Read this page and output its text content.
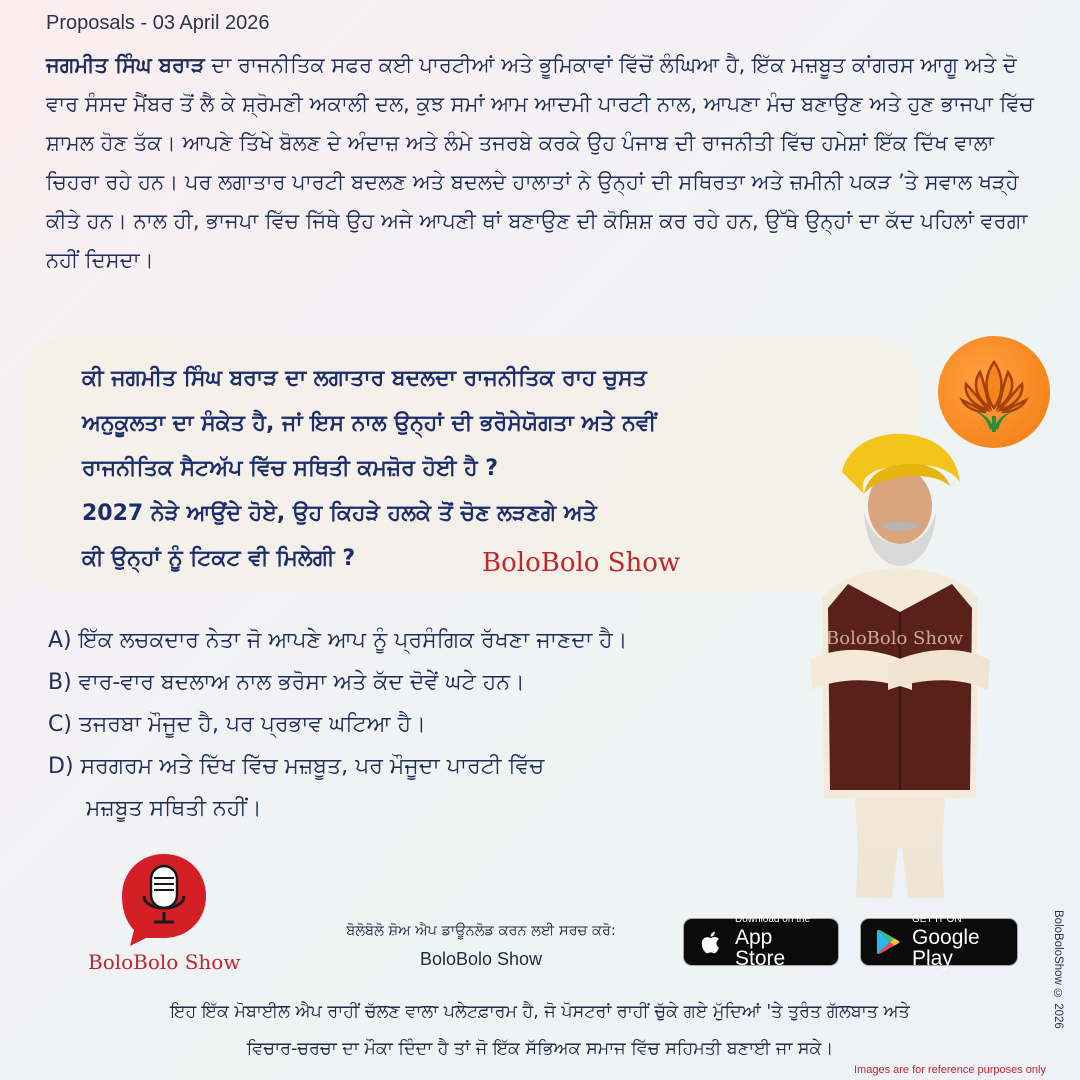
Proposals - 03 April 2026

ਜਗਮੀਤ ਸਿੰਘ ਬਰਾੜ ਦਾ ਰਾਜਨੀਤਿਕ ਸਫਰ ਕਈ ਪਾਰਟੀਆਂ ਅਤੇ ਭੂਮਿਕਾਵਾਂ ਵਿੱਚੋਂ ਲੰਘਿਆ ਹੈ, ਇੱਕ ਮਜ਼ਬੂਤ ਕਾਂਗਰਸ ਆਗੂ ਅਤੇ ਦੋ ਵਾਰ ਸੰਸਦ ਮੈਂਬਰ ਤੋਂ ਲੈ ਕੇ ਸ਼੍ਰੋਮਣੀ ਅਕਾਲੀ ਦਲ, ਕੁਝ ਸਮਾਂ ਆਮ ਆਦਮੀ ਪਾਰਟੀ ਨਾਲ, ਆਪਣਾ ਮੰਚ ਬਣਾਉਣ ਅਤੇ ਹੁਣ ਭਾਜਪਾ ਵਿੱਚ ਸ਼ਾਮਲ ਹੋਣ ਤੱਕ। ਆਪਣੇ ਤਿੱਖੇ ਬੋਲਣ ਦੇ ਅੰਦਾਜ਼ ਅਤੇ ਲੰਮੇ ਤਜਰਬੇ ਕਰਕੇ ਉਹ ਪੰਜਾਬ ਦੀ ਰਾਜਨੀਤੀ ਵਿੱਚ ਹਮੇਸ਼ਾਂ ਇੱਕ ਦਿੱਖ ਵਾਲਾ ਚਿਹਰਾ ਰਹੇ ਹਨ। ਪਰ ਲਗਾਤਾਰ ਪਾਰਟੀ ਬਦਲਣ ਅਤੇ ਬਦਲਦੇ ਹਾਲਾਤਾਂ ਨੇ ਉਨ੍ਹਾਂ ਦੀ ਸਥਿਰਤਾ ਅਤੇ ਜ਼ਮੀਨੀ ਪਕੜ ’ਤੇ ਸਵਾਲ ਖੜ੍ਹੇ ਕੀਤੇ ਹਨ। ਨਾਲ ਹੀ, ਭਾਜਪਾ ਵਿੱਚ ਜਿੱਥੇ ਉਹ ਅਜੇ ਆਪਣੀ ਥਾਂ ਬਣਾਉਣ ਦੀ ਕੋਸ਼ਿਸ਼ ਕਰ ਰਹੇ ਹਨ, ਉੱਥੇ ਉਨ੍ਹਾਂ ਦਾ ਕੱਦ ਪਹਿਲਾਂ ਵਰਗਾ ਨਹੀਂ ਦਿਸਦਾ।

ਕੀ ਜਗਮੀਤ ਸਿੰਘ ਬਰਾੜ ਦਾ ਲਗਾਤਾਰ ਬਦਲਦਾ ਰਾਜਨੀਤਿਕ ਰਾਹ ਚੁਸਤ
ਅਨੁਕੂਲਤਾ ਦਾ ਸੰਕੇਤ ਹੈ, ਜਾਂ ਇਸ ਨਾਲ ਉਨ੍ਹਾਂ ਦੀ ਭਰੋਸੇਯੋਗਤਾ ਅਤੇ ਨਵੀਂ
ਰਾਜਨੀਤਿਕ ਸੈਟਅੱਪ ਵਿੱਚ ਸਥਿਤੀ ਕਮਜ਼ੋਰ ਹੋਈ ਹੈ ?
2027 ਨੇੜੇ ਆਉਂਦੇ ਹੋਏ, ਉਹ ਕਿਹੜੇ ਹਲਕੇ ਤੋਂ ਚੋਣ ਲੜਣਗੇ ਅਤੇ
ਕੀ ਉਨ੍ਹਾਂ ਨੂੰ ਟਿਕਟ ਵੀ ਮਿਲੇਗੀ ?	BoloBolo Show
A) ਇੱਕ ਲਚਕਦਾਰ ਨੇਤਾ ਜੋ ਆਪਣੇ ਆਪ ਨੂੰ ਪ੍ਰਸੰਗਿਕ ਰੱਖਣਾ ਜਾਣਦਾ ਹੈ।
B) ਵਾਰ-ਵਾਰ ਬਦਲਾਅ ਨਾਲ ਭਰੋਸਾ ਅਤੇ ਕੱਦ ਦੋਵੇਂ ਘਟੇ ਹਨ।
C) ਤਜਰਬਾ ਮੌਜੂਦ ਹੈ, ਪਰ ਪ੍ਰਭਾਵ ਘਟਿਆ ਹੈ।
D) ਸਰਗਰਮ ਅਤੇ ਦਿੱਖ ਵਿੱਚ ਮਜ਼ਬੂਤ, ਪਰ ਮੌਜੂਦਾ ਪਾਰਟੀ ਵਿੱਚ
ਮਜ਼ਬੂਤ ਸਥਿਤੀ ਨਹੀਂ।
BoloBolo Show
BoloBolo Show
ਬੋਲੋਬੋਲੋ ਸ਼ੋਅ ਐਪ ਡਾਊਨਲੋਡ ਕਰਨ ਲਈ ਸਰਚ ਕਰੋ:
BoloBolo Show
Download on the
App Store
GET IT ON
Google Play
ਇਹ ਇੱਕ ਮੋਬਾਈਲ ਐਪ ਰਾਹੀਂ ਚੱਲਣ ਵਾਲਾ ਪਲੇਟਫ਼ਾਰਮ ਹੈ, ਜੋ ਪੋਸਟਰਾਂ ਰਾਹੀਂ ਚੁੱਕੇ ਗਏ ਮੁੱਦਿਆਂ 'ਤੇ ਤੁਰੰਤ ਗੱਲਬਾਤ ਅਤੇ
ਵਿਚਾਰ-ਚਰਚਾ ਦਾ ਮੌਕਾ ਦਿੰਦਾ ਹੈ ਤਾਂ ਜੋ ਇੱਕ ਸੱਭਿਅਕ ਸਮਾਜ ਵਿੱਚ ਸਹਿਮਤੀ ਬਣਾਈ ਜਾ ਸਕੇ।
Images are for reference purposes only
BoloBoloShow © 2026
